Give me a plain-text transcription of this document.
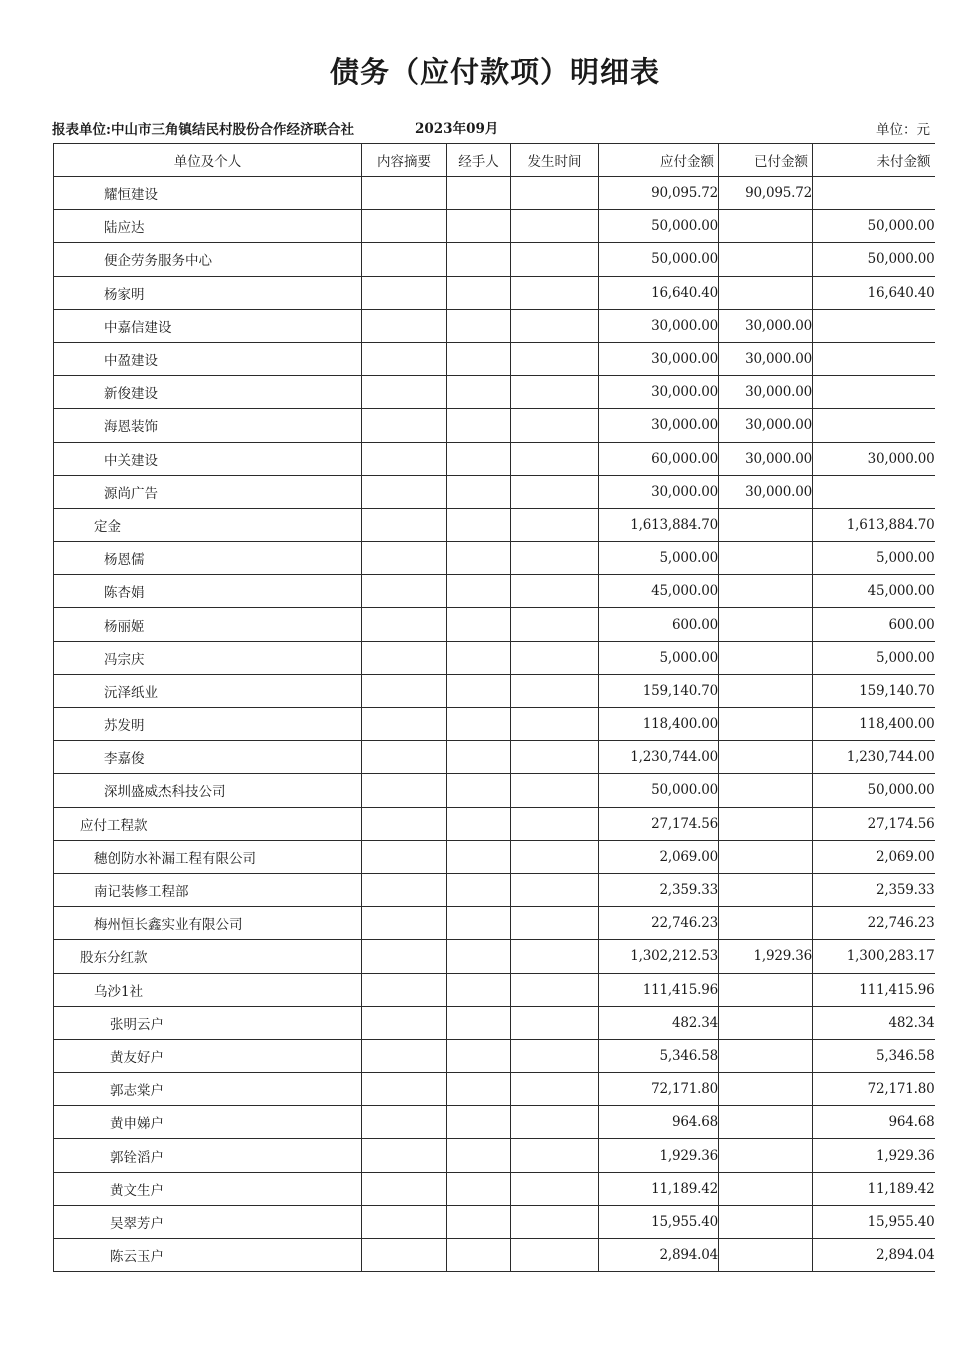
债务（应付款项）明细表
报表单位:中山市三角镇结民村股份合作经济联合社	2023年09月	单位：元
单位及个人	内容摘要	经手人	发生时间	应付金额	已付金额	未付金额
耀恒建设				90,095.72	90,095.72	
陆应达				50,000.00		50,000.00
便企劳务服务中心				50,000.00		50,000.00
杨家明				16,640.40		16,640.40
中嘉信建设				30,000.00	30,000.00	
中盈建设				30,000.00	30,000.00	
新俊建设				30,000.00	30,000.00	
海恩装饰				30,000.00	30,000.00	
中关建设				60,000.00	30,000.00	30,000.00
源尚广告				30,000.00	30,000.00	
定金				1,613,884.70		1,613,884.70
杨恩儒				5,000.00		5,000.00
陈杏娟				45,000.00		45,000.00
杨丽姬				600.00		600.00
冯宗庆				5,000.00		5,000.00
沅泽纸业				159,140.70		159,140.70
苏发明				118,400.00		118,400.00
李嘉俊				1,230,744.00		1,230,744.00
深圳盛威杰科技公司				50,000.00		50,000.00
应付工程款				27,174.56		27,174.56
穗创防水补漏工程有限公司				2,069.00		2,069.00
南记装修工程部				2,359.33		2,359.33
梅州恒长鑫实业有限公司				22,746.23		22,746.23
股东分红款				1,302,212.53	1,929.36	1,300,283.17
乌沙1社				111,415.96		111,415.96
张明云户				482.34		482.34
黄友好户				5,346.58		5,346.58
郭志棠户				72,171.80		72,171.80
黄申娣户				964.68		964.68
郭铨滔户				1,929.36		1,929.36
黄文生户				11,189.42		11,189.42
吴翠芳户				15,955.40		15,955.40
陈云玉户				2,894.04		2,894.04
